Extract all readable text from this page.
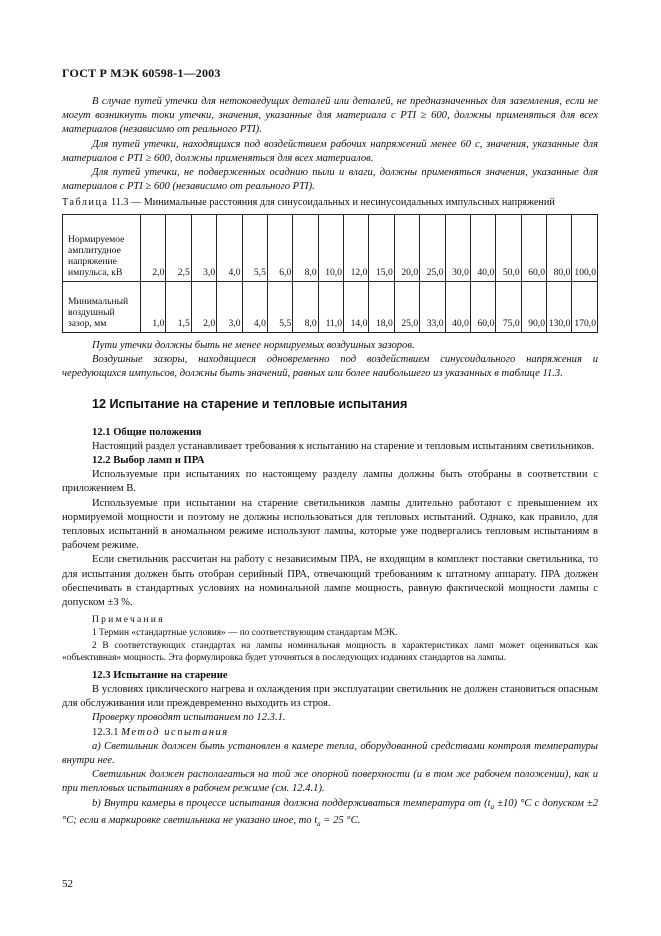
ГОСТ Р МЭК 60598-1—2003

В случае путей утечки для нетоковедущих деталей или деталей, не предназначенных для заземления, если не могут возникнуть токи утечки, значения, указанные для материала с PTI ≥ 600, должны применяться для всех материалов (независимо от реального PTI).

Для путей утечки, находящихся под воздействием рабочих напряжений менее 60 с, значения, указанные для материалов с PTI ≥ 600, должны применяться для всех материалов.

Для путей утечки, не подверженных осаднию пыли и влаги, должны применяться значения, указанные для материалов с PTI ≥ 600 (независимо от реального PTI).

Таблица 11.3 — Минимальные расстояния для синусоидальных и несинусоидальных импульсных напряжений

Нормируемое амплитудное напряжение импульса, кВ	2,0	2,5	3,0	4,0	5,5	6,0	8,0	10,0	12,0	15,0	20,0	25,0	30,0	40,0	50,0	60,0	80,0	100,0
Минимальный воздушный зазор, мм	1,0	1,5	2,0	3,0	4,0	5,5	8,0	11,0	14,0	18,0	25,0	33,0	40,0	60,0	75,0	90,0	130,0	170,0

Пути утечки должны быть не менее нормируемых воздушных зазоров.

Воздушные зазоры, находящиеся одновременно под воздействием синусоидального напряжения и чередующихся импульсов, должны быть значений, равных или более наибольшего из указанных в таблице 11.3.

12 Испытание на старение и тепловые испытания
12.1 Общие положения

Настоящий раздел устанавливает требования к испытанию на старение и тепловым испытаниям светильников.

12.2 Выбор ламп и ПРА

Используемые при испытаниях по настоящему разделу лампы должны быть отобраны в соответствии с приложением В.

Используемые при испытании на старение светильников лампы длительно работают с превышением их нормируемой мощности и поэтому не должны использоваться для тепловых испытаний. Однако, как правило, для тепловых испытаний в аномальном режиме используют лампы, которые уже подвергались тепловым испытаниям в рабочем режиме.

Если светильник рассчитан на работу с независимым ПРА, не входящим в комплект поставки светильника, то для испытания должен быть отобран серийный ПРА, отвечающий требованиям к штатному аппарату. ПРА должен обеспечивать в стандартных условиях на номинальной лампе мощность, равную фактической мощности лампы с допуском ±3 %.

Примечания

1 Термин «стандартные условия» — по соответствующим стандартам МЭК.

2 В соответствующих стандартах на лампы номинальная мощность в характеристиках ламп может оцениваться как «объективная» мощность. Эта формулировка будет уточняться в последующих изданиях стандартов на лампы.

12.3 Испытание на старение

В условиях циклического нагрева и охлаждения при эксплуатации светильник не должен становиться опасным для обслуживания или преждевременно выходить из строя.

Проверку проводят испытанием по 12.3.1.

12.3.1 Метод испытания

а) Светильник должен быть установлен в камере тепла, оборудованной средствами контроля температуры внутри нее.

Светильник должен располагаться на той же опорной поверхности (и в том же рабочем положении), как и при тепловых испытаниях в рабочем режиме (см. 12.4.1).

b) Внутри камеры в процессе испытания должна поддерживаться температура от $(t_a \pm 10)$ °С с допуском ±2 °С; если в маркировке светильника не указано иное, то $t_a = 25$ °С.

52
